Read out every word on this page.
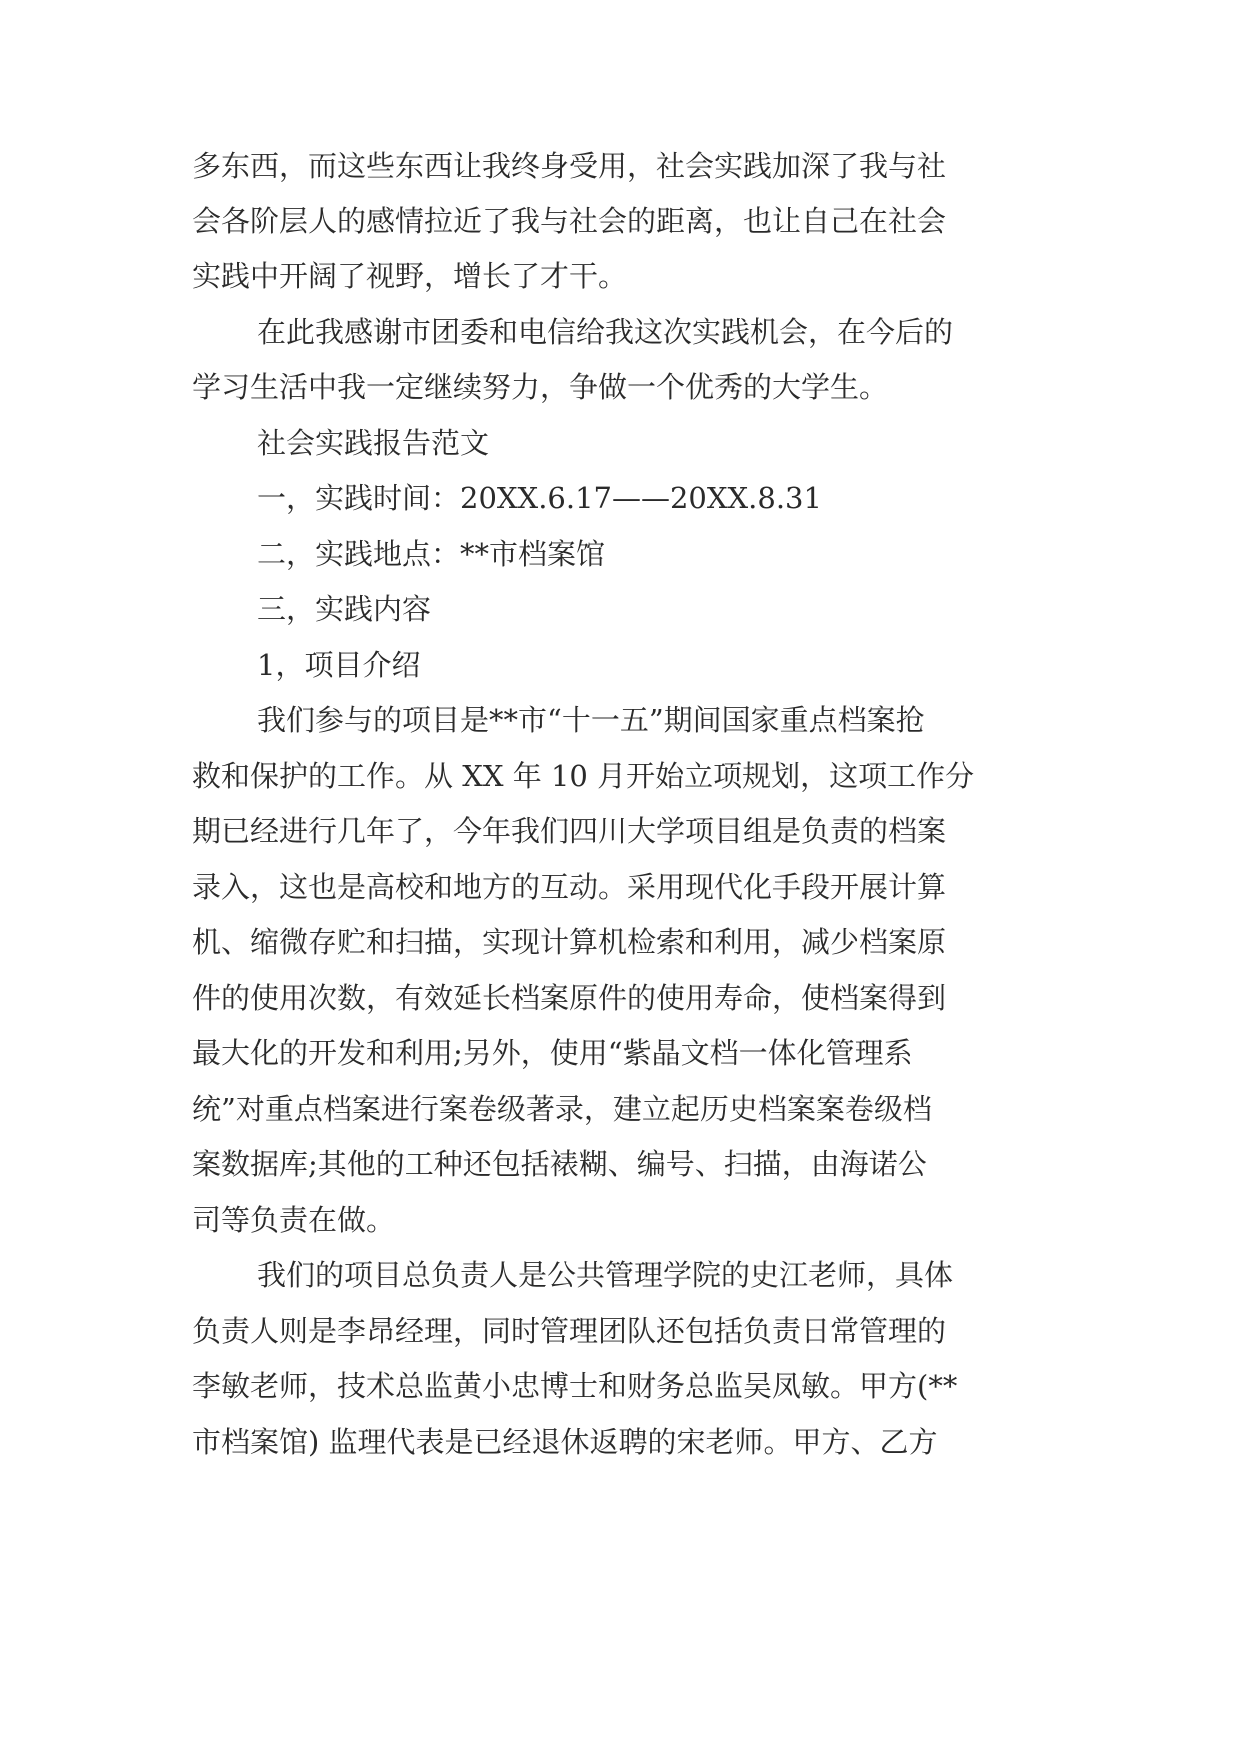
多东西，而这些东西让我终身受用，社会实践加深了我与社
会各阶层人的感情拉近了我与社会的距离，也让自己在社会
实践中开阔了视野，增长了才干。
在此我感谢市团委和电信给我这次实践机会，在今后的
学习生活中我一定继续努力，争做一个优秀的大学生。
社会实践报告范文
一，实践时间：20XX.6.17——20XX.8.31
二，实践地点：**市档案馆
三，实践内容
1，项目介绍
我们参与的项目是**市“十一五”期间国家重点档案抢
救和保护的工作。从 XX 年 10 月开始立项规划，这项工作分
期已经进行几年了，今年我们四川大学项目组是负责的档案
录入，这也是高校和地方的互动。采用现代化手段开展计算
机、缩微存贮和扫描，实现计算机检索和利用，减少档案原
件的使用次数，有效延长档案原件的使用寿命，使档案得到
最大化的开发和利用;另外，使用“紫晶文档一体化管理系
统”对重点档案进行案卷级著录，建立起历史档案案卷级档
案数据库;其他的工种还包括裱糊、编号、扫描，由海诺公
司等负责在做。
我们的项目总负责人是公共管理学院的史江老师，具体
负责人则是李昂经理，同时管理团队还包括负责日常管理的
李敏老师，技术总监黄小忠博士和财务总监吴凤敏。甲方(**
市档案馆) 监理代表是已经退休返聘的宋老师。甲方、乙方
